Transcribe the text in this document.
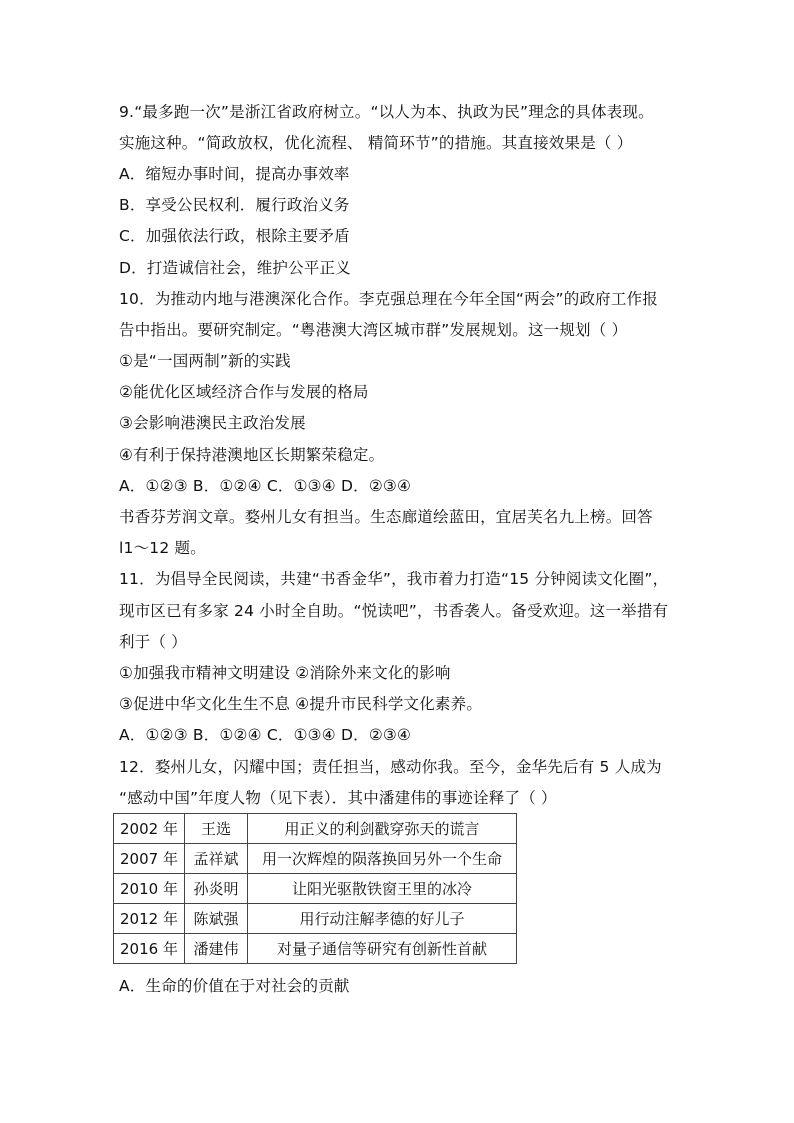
9.“最多跑一次”是浙江省政府树立。“以人为本、执政为民”理念的具体表现。
实施这种。“简政放权，优化流程、 精简环节”的措施。其直接效果是（ ）
A．缩短办事时间，提高办事效率
B．享受公民权利．履行政治义务
C．加强依法行政，根除主要矛盾
D．打造诚信社会，维护公平正义
10．为推动内地与港澳深化合作。李克强总理在今年全国“两会”的政府工作报
告中指出。要研究制定。“粤港澳大湾区城市群”发展规划。这一规划（ ）
①是“一国两制”新的实践
②能优化区域经济合作与发展的格局
③会影响港澳民主政治发展
④有利于保持港澳地区长期繁荣稳定。
A．①②③ B．①②④ C．①③④ D．②③④
书香芬芳润文章。婺州儿女有担当。生态廊道绘蓝田，宜居芙名九上榜。回答
l1～12 题。
11．为倡导全民阅读，共建“书香金华”，我市着力打造“15 分钟阅读文化圈”，
现市区已有多家 24 小时全自助。“悦读吧”，书香袭人。备受欢迎。这一举措有
利于（ ）
①加强我市精神文明建设 ②消除外来文化的影响
③促进中华文化生生不息 ④提升市民科学文化素养。
A．①②③ B．①②④ C．①③④ D．②③④
12．婺州儿女，闪耀中国；责任担当，感动你我。至今，金华先后有 5 人成为
“感动中国”年度人物（见下表）．其中潘建伟的事迹诠释了（ ）
2002 年	王选	用正义的利剑戳穿弥天的谎言
2007 年	孟祥斌	用一次辉煌的陨落换回另外一个生命
2010 年	孙炎明	让阳光驱散铁窗王里的冰冷
2012 年	陈斌强	用行动注解孝德的好儿子
2016 年	潘建伟	对量子通信等研究有创新性首献
A．生命的价值在于对社会的贡献
